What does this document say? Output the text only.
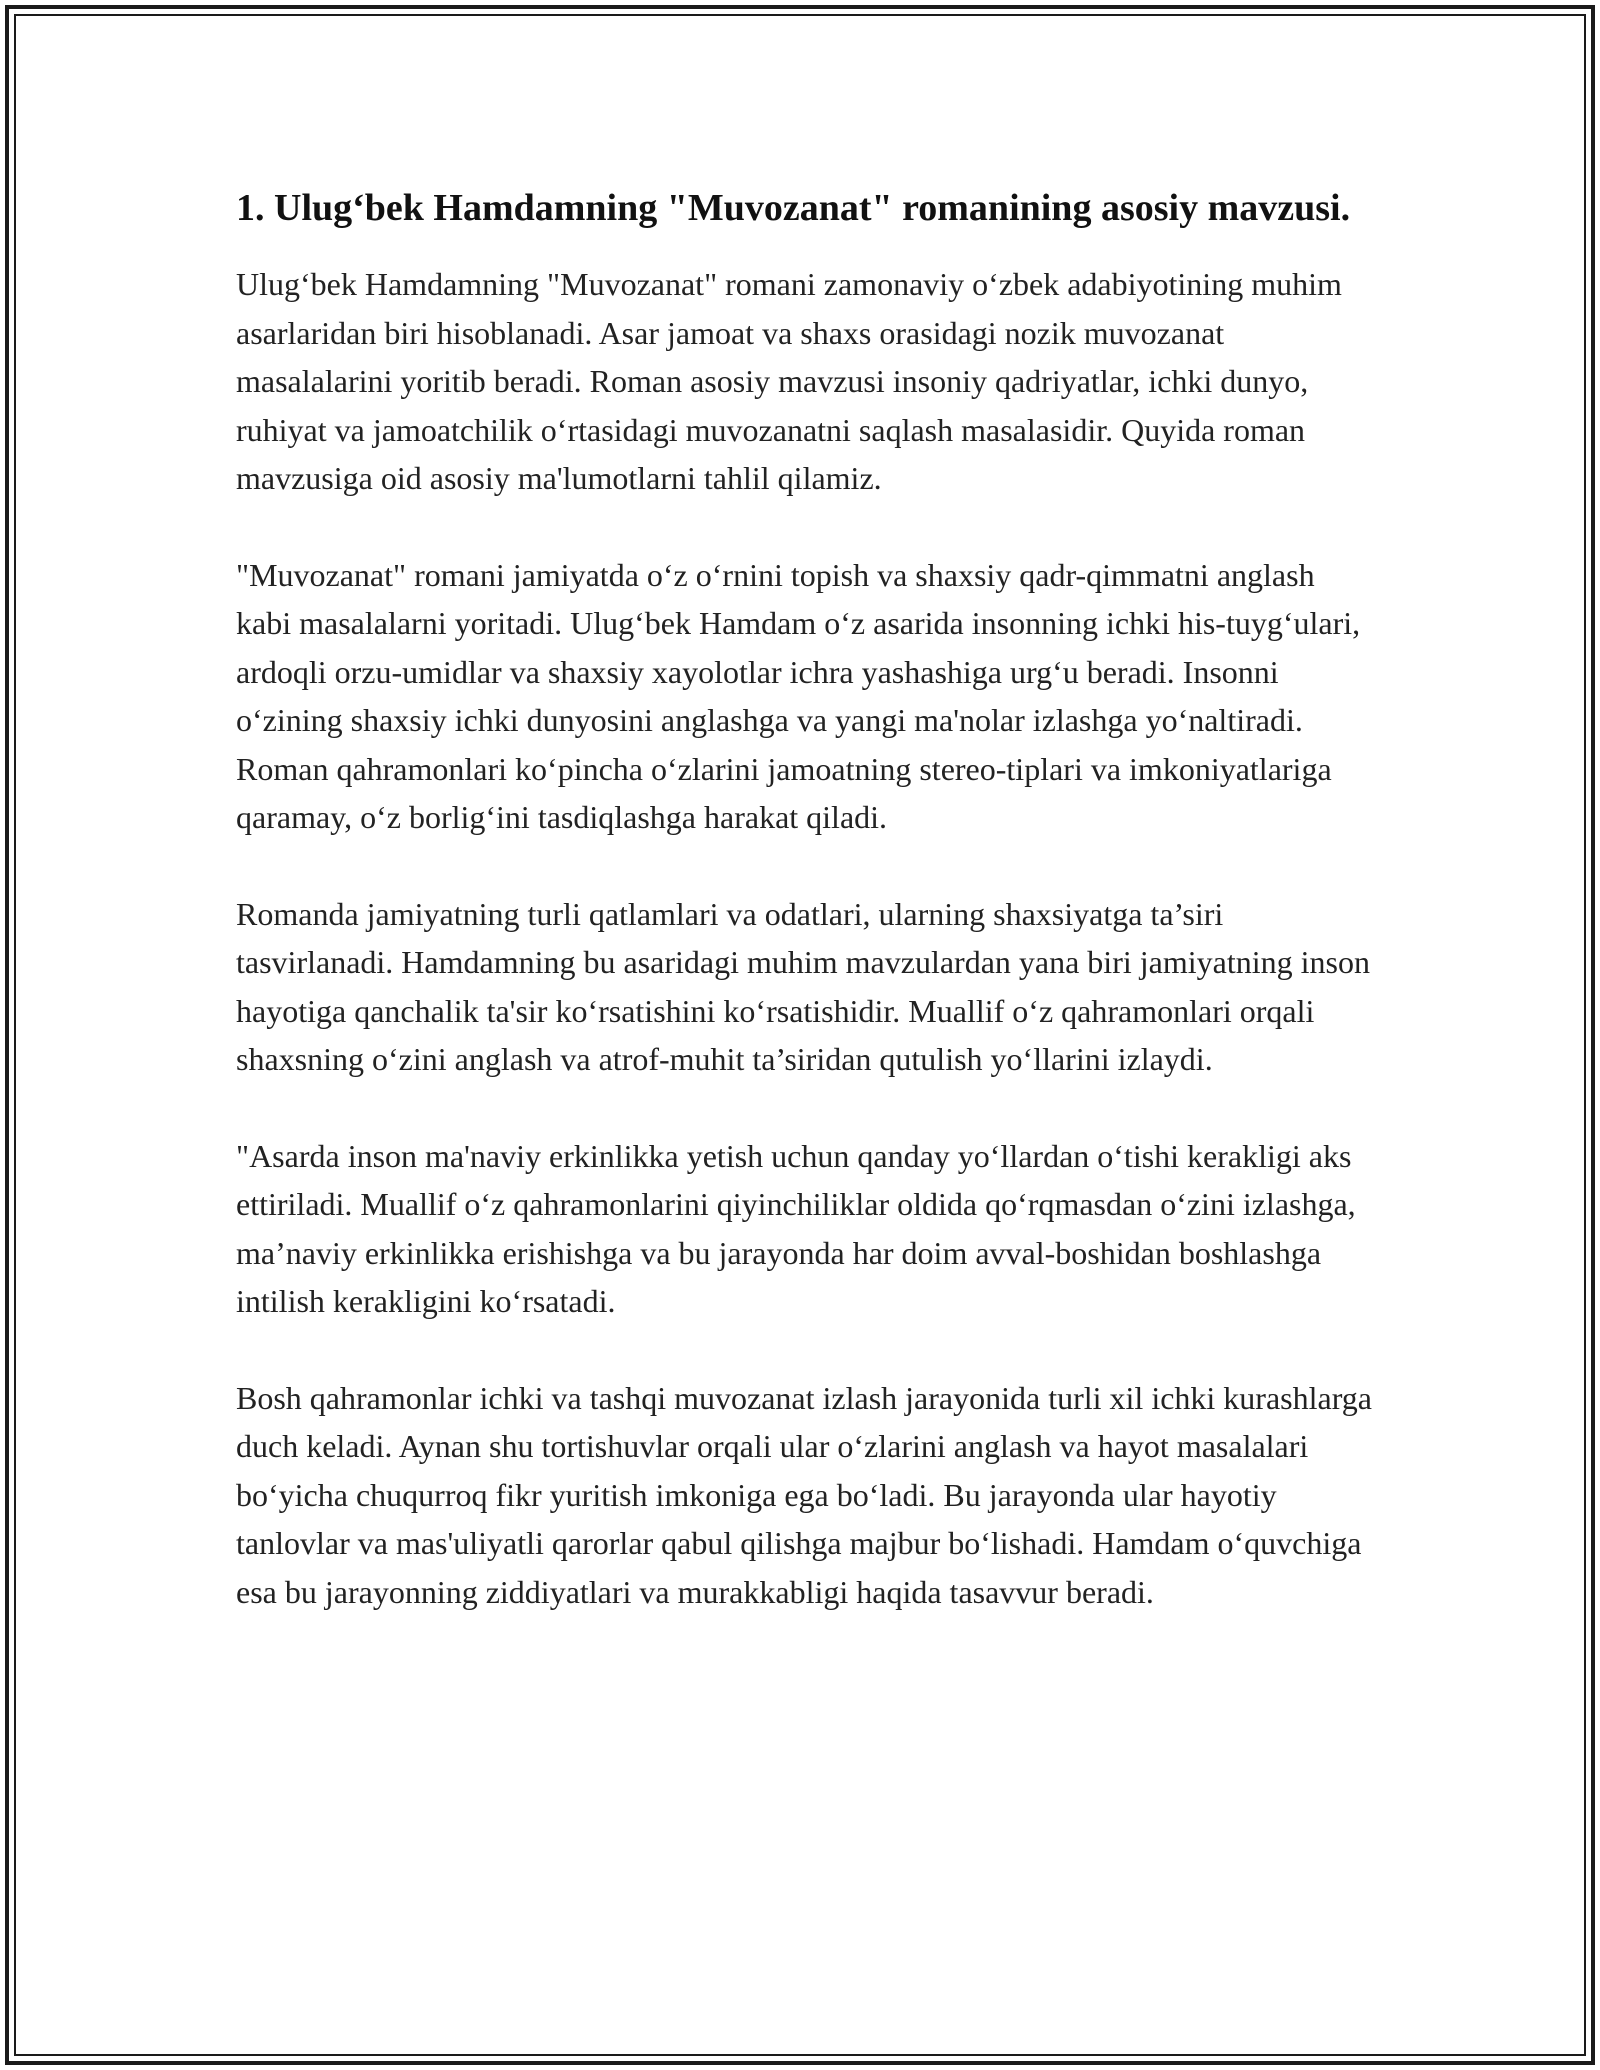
1. Ulug‘bek Hamdamning "Muvozanat" romanining asosiy mavzusi.

Ulug‘bek Hamdamning "Muvozanat" romani zamonaviy o‘zbek adabiyotining muhim asarlaridan biri hisoblanadi. Asar jamoat va shaxs orasidagi nozik muvozanat masalalarini yoritib beradi. Roman asosiy mavzusi insoniy qadriyatlar, ichki dunyo, ruhiyat va jamoatchilik o‘rtasidagi muvozanatni saqlash masalasidir. Quyida roman mavzusiga oid asosiy ma'lumotlarni tahlil qilamiz.

"Muvozanat" romani jamiyatda o‘z o‘rnini topish va shaxsiy qadr-qimmatni anglash kabi masalalarni yoritadi. Ulug‘bek Hamdam o‘z asarida insonning ichki his-tuyg‘ulari, ardoqli orzu-umidlar va shaxsiy xayolotlar ichra yashashiga urg‘u beradi. Insonni o‘zining shaxsiy ichki dunyosini anglashga va yangi ma'nolar izlashga yo‘naltiradi. Roman qahramonlari ko‘pincha o‘zlarini jamoatning stereo-tiplari va imkoniyatlariga qaramay, o‘z borlig‘ini tasdiqlashga harakat qiladi.

Romanda jamiyatning turli qatlamlari va odatlari, ularning shaxsiyatga ta’siri tasvirlanadi. Hamdamning bu asaridagi muhim mavzulardan yana biri jamiyatning inson hayotiga qanchalik ta'sir ko‘rsatishini ko‘rsatishidir. Muallif o‘z qahramonlari orqali shaxsning o‘zini anglash va atrof-muhit ta’siridan qutulish yo‘llarini izlaydi.

"Asarda inson ma'naviy erkinlikka yetish uchun qanday yo‘llardan o‘tishi kerakligi aks ettiriladi. Muallif o‘z qahramonlarini qiyinchiliklar oldida qo‘rqmasdan o‘zini izlashga, ma’naviy erkinlikka erishishga va bu jarayonda har doim avval-boshidan boshlashga intilish kerakligini ko‘rsatadi.

Bosh qahramonlar ichki va tashqi muvozanat izlash jarayonida turli xil ichki kurashlarga duch keladi. Aynan shu tortishuvlar orqali ular o‘zlarini anglash va hayot masalalari bo‘yicha chuqurroq fikr yuritish imkoniga ega bo‘ladi. Bu jarayonda ular hayotiy tanlovlar va mas'uliyatli qarorlar qabul qilishga majbur bo‘lishadi. Hamdam o‘quvchiga esa bu jarayonning ziddiyatlari va murakkabligi haqida tasavvur beradi.
